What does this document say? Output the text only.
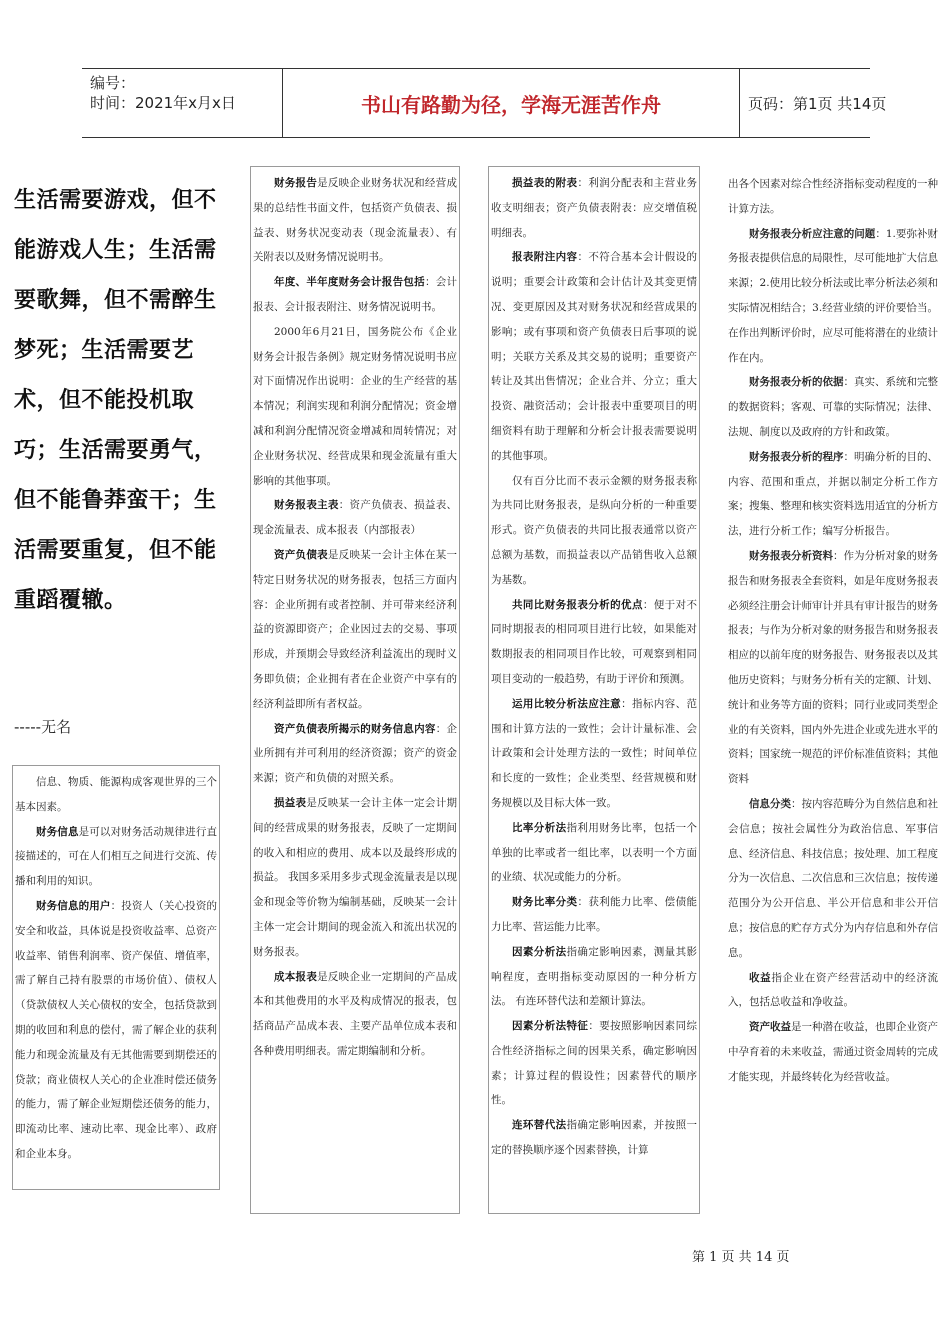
编号：
时间：2021年x月x日	书山有路勤为径，学海无涯苦作舟	页码：第1页 共14页
生活需要游戏，但不能游戏人生；生活需要歌舞，但不需醉生梦死；生活需要艺术，但不能投机取巧；生活需要勇气，但不能鲁莽蛮干；生活需要重复，但不能重蹈覆辙。
-----无名

信息、物质、能源构成客观世界的三个基本因素。

财务信息是可以对财务活动规律进行直接描述的，可在人们相互之间进行交流、传播和利用的知识。

财务信息的用户：投资人（关心投资的安全和收益，具体说是投资收益率、总资产收益率、销售利润率、资产保值、增值率，需了解自己持有股票的市场价值）、债权人（贷款债权人关心债权的安全，包括贷款到期的收回和利息的偿付，需了解企业的获利能力和现金流量及有无其他需要到期偿还的贷款；商业债权人关心的企业准时偿还债务的能力，需了解企业短期偿还债务的能力，即流动比率、速动比率、现金比率）、政府和企业本身。

财务报告是反映企业财务状况和经营成果的总结性书面文件，包括资产负债表、损益表、财务状况变动表（现金流量表）、有关附表以及财务情况说明书。

年度、半年度财务会计报告包括：会计报表、会计报表附注、财务情况说明书。

2000年6月21日，国务院公布《企业财务会计报告条例》规定财务情况说明书应对下面情况作出说明：企业的生产经营的基本情况；利润实现和利润分配情况；资金增减和利润分配情况资金增减和周转情况；对企业财务状况、经营成果和现金流量有重大影响的其他事项。

财务报表主表：资产负债表、损益表、现金流量表、成本报表（内部报表）

资产负债表是反映某一会计主体在某一特定日财务状况的财务报表，包括三方面内容：企业所拥有或者控制、并可带来经济利益的资源即资产；企业因过去的交易、事项形成，并预期会导致经济利益流出的现时义务即负债；企业拥有者在企业资产中享有的经济利益即所有者权益。

资产负债表所揭示的财务信息内容：企业所拥有并可利用的经济资源；资产的资金来源；资产和负债的对照关系。

损益表是反映某一会计主体一定会计期间的经营成果的财务报表，反映了一定期间的收入和相应的费用、成本以及最终形成的损益。 我国多采用多步式现金流量表是以现金和现金等价物为编制基础，反映某一会计主体一定会计期间的现金流入和流出状况的财务报表。

成本报表是反映企业一定期间的产品成本和其他费用的水平及构成情况的报表，包括商品产品成本表、主要产品单位成本表和各种费用明细表。需定期编制和分析。

损益表的附表：利润分配表和主营业务收支明细表；资产负债表附表：应交增值税明细表。

报表附注内容：不符合基本会计假设的说明；重要会计政策和会计估计及其变更情况、变更原因及其对财务状况和经营成果的影响；或有事项和资产负债表日后事项的说明；关联方关系及其交易的说明；重要资产转让及其出售情况；企业合并、分立；重大投资、融资活动；会计报表中重要项目的明细资料有助于理解和分析会计报表需要说明的其他事项。

仅有百分比而不表示金额的财务报表称为共同比财务报表，是纵向分析的一种重要形式。资产负债表的共同比报表通常以资产总额为基数，而损益表以产品销售收入总额为基数。

共同比财务报表分析的优点：便于对不同时期报表的相同项目进行比较，如果能对数期报表的相同项目作比较，可观察到相同项目变动的一般趋势，有助于评价和预测。

运用比较分析法应注意：指标内容、范围和计算方法的一致性；会计计量标准、会计政策和会计处理方法的一致性；时间单位和长度的一致性；企业类型、经营规模和财务规模以及目标大体一致。

比率分析法指利用财务比率，包括一个单独的比率或者一组比率，以表明一个方面的业绩、状况或能力的分析。

财务比率分类：获利能力比率、偿债能力比率、营运能力比率。

因素分析法指确定影响因素，测量其影响程度，查明指标变动原因的一种分析方法。 有连环替代法和差额计算法。

因素分析法特征：要按照影响因素同综合性经济指标之间的因果关系，确定影响因素；计算过程的假设性；因素替代的顺序性。

连环替代法指确定影响因素，并按照一定的替换顺序逐个因素替换，计算

出各个因素对综合性经济指标变动程度的一种计算方法。

财务报表分析应注意的问题：1.要弥补财务报表提供信息的局限性，尽可能地扩大信息来源；2.使用比较分析法或比率分析法必须和实际情况相结合；3.经营业绩的评价要恰当。在作出判断评价时，应尽可能将潜在的业绩计作在内。

财务报表分析的依据：真实、系统和完整的数据资料；客观、可靠的实际情况；法律、法规、制度以及政府的方针和政策。

财务报表分析的程序：明确分析的目的、内容、范围和重点，并据以制定分析工作方案；搜集、整理和核实资料选用适宜的分析方法，进行分析工作；编写分析报告。

财务报表分析资料：作为分析对象的财务报告和财务报表全套资料，如是年度财务报表必须经注册会计师审计并具有审计报告的财务报表；与作为分析对象的财务报告和财务报表相应的以前年度的财务报告、财务报表以及其他历史资料；与财务分析有关的定额、计划、统计和业务等方面的资料；同行业或同类型企业的有关资料，国内外先进企业或先进水平的资料；国家统一规范的评价标准值资料；其他资料

信息分类：按内容范畴分为自然信息和社会信息；按社会属性分为政治信息、军事信息、经济信息、科技信息；按处理、加工程度分为一次信息、二次信息和三次信息；按传递范围分为公开信息、半公开信息和非公开信息；按信息的贮存方式分为内存信息和外存信息。

收益指企业在资产经营活动中的经济流入，包括总收益和净收益。

资产收益是一种潜在收益，也即企业资产中孕育着的未来收益，需通过资金周转的完成才能实现，并最终转化为经营收益。

第 1 页 共 14 页
